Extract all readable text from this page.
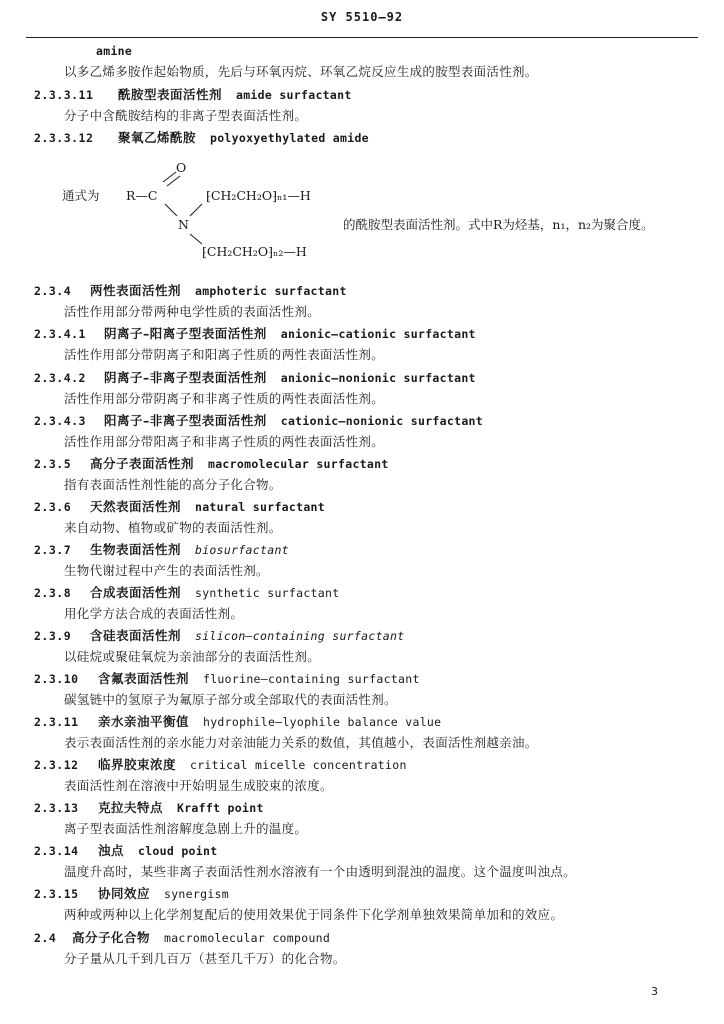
SY 5510—92
amine
以多乙烯多胺作起始物质，先后与环氧丙烷、环氧乙烷反应生成的胺型表面活性剂。
2.3.3.11 酰胺型表面活性剂 amide surfactant
分子中含酰胺结构的非离子型表面活性剂。
2.3.3.12 聚氧乙烯酰胺 polyoxyethylated amide
通式为
O
R—C
N
⁅CH₂CH₂O⁆ₙ₁—H
⁅CH₂CH₂O⁆ₙ₂—H
的酰胺型表面活性剂。式中R为烃基，n₁，n₂为聚合度。
2.3.4 两性表面活性剂 amphoteric surfactant
活性作用部分带两种电学性质的表面活性剂。
2.3.4.1 阴离子–阳离子型表面活性剂 anionic–cationic surfactant
活性作用部分带阴离子和阳离子性质的两性表面活性剂。
2.3.4.2 阴离子–非离子型表面活性剂 anionic–nonionic surfactant
活性作用部分带阴离子和非离子性质的两性表面活性剂。
2.3.4.3 阳离子–非离子型表面活性剂 cationic–nonionic surfactant
活性作用部分带阳离子和非离子性质的两性表面活性剂。
2.3.5 高分子表面活性剂 macromolecular surfactant
指有表面活性剂性能的高分子化合物。
2.3.6 天然表面活性剂 natural surfactant
来自动物、植物或矿物的表面活性剂。
2.3.7 生物表面活性剂 biosurfactant
生物代谢过程中产生的表面活性剂。
2.3.8 合成表面活性剂 synthetic surfactant
用化学方法合成的表面活性剂。
2.3.9 含硅表面活性剂 silicon–containing surfactant
以硅烷或聚硅氧烷为亲油部分的表面活性剂。
2.3.10 含氟表面活性剂 fluorine–containing surfactant
碳氢链中的氢原子为氟原子部分或全部取代的表面活性剂。
2.3.11 亲水亲油平衡值 hydrophile–lyophile balance value
表示表面活性剂的亲水能力对亲油能力关系的数值，其值越小，表面活性剂越亲油。
2.3.12 临界胶束浓度 critical micelle concentration
表面活性剂在溶液中开始明显生成胶束的浓度。
2.3.13 克拉夫特点 Krafft point
离子型表面活性剂溶解度急剧上升的温度。
2.3.14 浊点 cloud point
温度升高时，某些非离子表面活性剂水溶液有一个由透明到混浊的温度。这个温度叫浊点。
2.3.15 协同效应 synergism
两种或两种以上化学剂复配后的使用效果优于同条件下化学剂单独效果简单加和的效应。
2.4 高分子化合物 macromolecular compound
分子量从几千到几百万（甚至几千万）的化合物。
3
